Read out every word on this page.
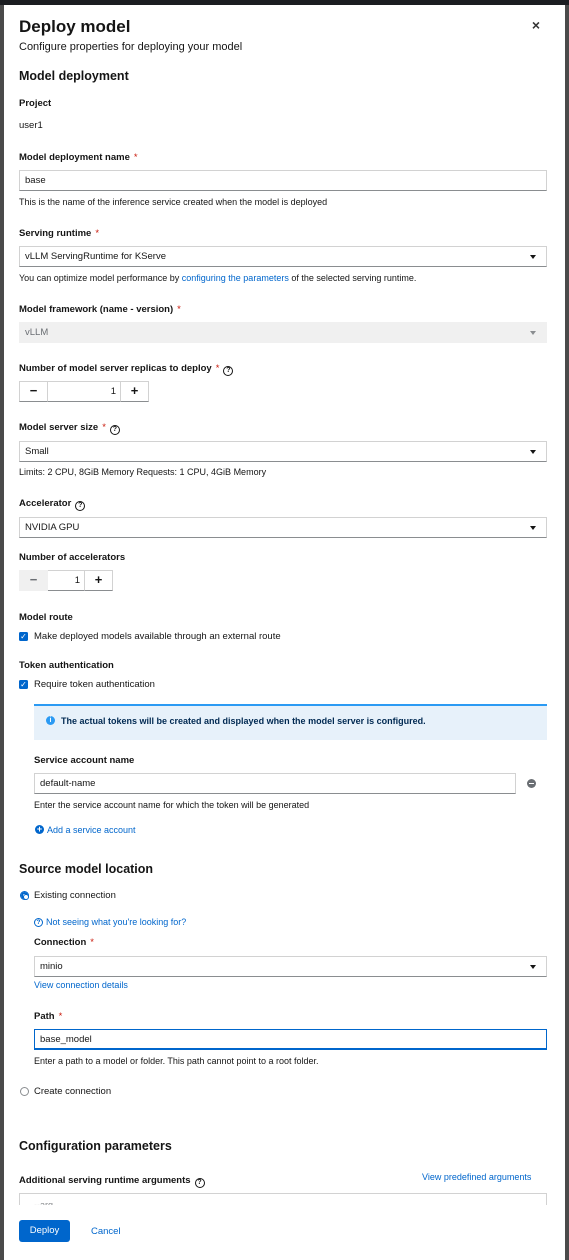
Deploy model
Configure properties for deploying your model
×
Model deployment
Project
user1
Model deployment name *
base
This is the name of the inference service created when the model is deployed
Serving runtime *
vLLM ServingRuntime for KServe
You can optimize model performance by configuring the parameters of the selected serving runtime.
Model framework (name - version) *
vLLM
Number of model server replicas to deploy * ?
−	1	+
Model server size * ?
Small
Limits: 2 CPU, 8GiB Memory Requests: 1 CPU, 4GiB Memory
Accelerator ?
NVIDIA GPU
Number of accelerators
−	1	+
Model route
✓ Make deployed models available through an external route
Token authentication
✓ Require token authentication
i	The actual tokens will be created and displayed when the model server is configured.
Service account name
default-name
Enter the service account name for which the token will be generated
+ Add a service account
Source model location
Existing connection
? Not seeing what you're looking for?
Connection *
minio
View connection details
Path *
base_model
Enter a path to a model or folder. This path cannot point to a root folder.
Create connection
Configuration parameters
Additional serving runtime arguments ?
View predefined arguments
Deploy	Cancel
